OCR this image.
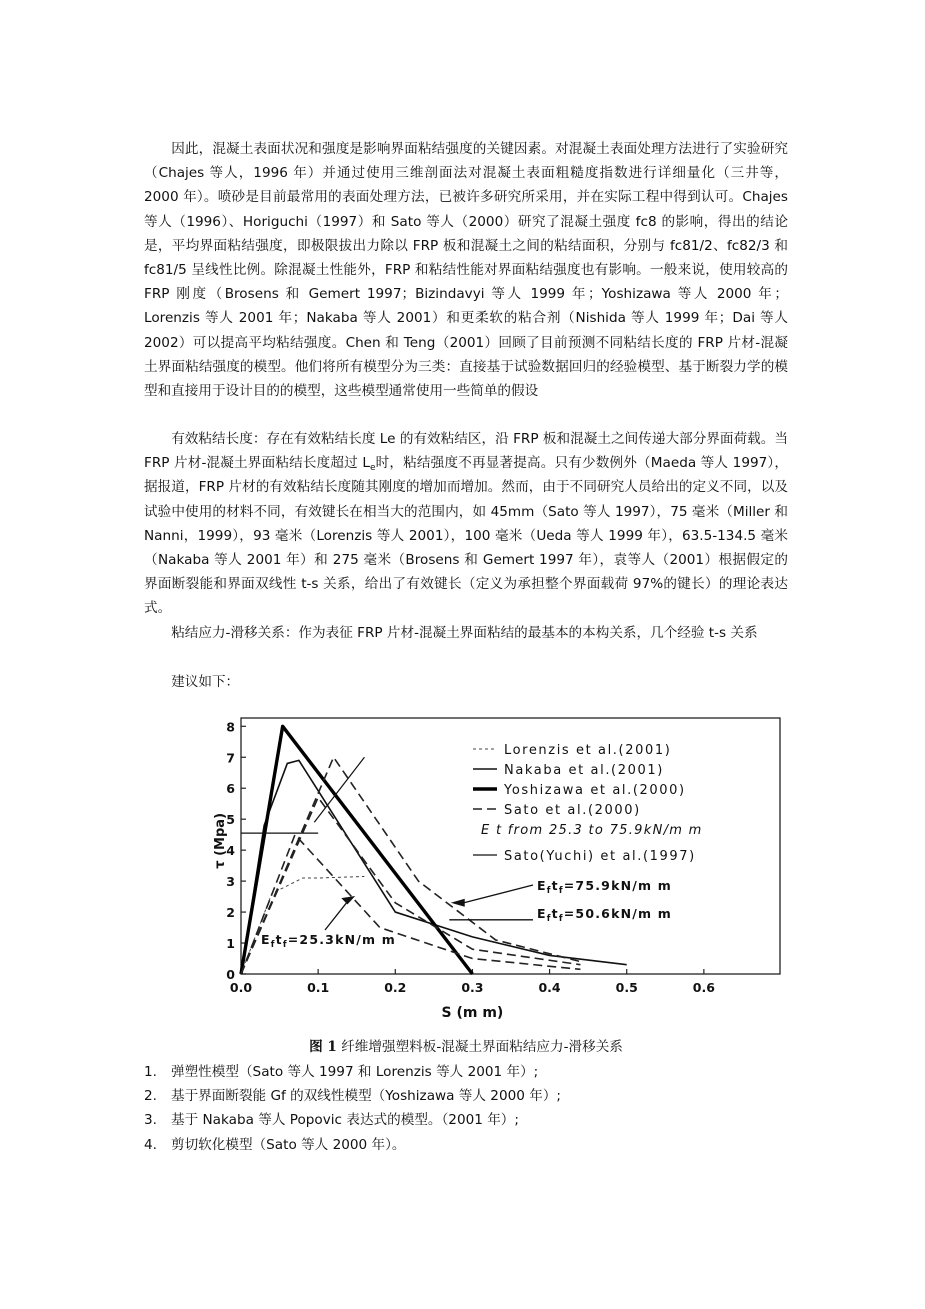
因此，混凝土表面状况和强度是影响界面粘结强度的关键因素。对混凝土表面处理方法进行了实验研究（Chajes 等人，1996 年）并通过使用三维剖面法对混凝土表面粗糙度指数进行详细量化（三井等， 2000 年）。喷砂是目前最常用的表面处理方法，已被许多研究所采用，并在实际工程中得到认可。Chajes 等人（1996）、Horiguchi（1997）和 Sato 等人（2000）研究了混凝土强度 fc8 的影响，得出的结论是，平均界面粘结强度，即极限拔出力除以 FRP 板和混凝土之间的粘结面积，分别与 fc81/2、fc82/3 和 fc81/5 呈线性比例。除混凝土性能外，FRP 和粘结性能对界面粘结强度也有影响。一般来说，使用较高的 FRP 刚度（Brosens 和 Gemert 1997；Bizindavyi 等人 1999 年；Yoshizawa 等人 2000 年；Lorenzis 等人 2001 年；Nakaba 等人 2001）和更柔软的粘合剂（Nishida 等人 1999 年；Dai 等人 2002）可以提高平均粘结强度。Chen 和 Teng（2001）回顾了目前预测不同粘结长度的 FRP 片材-混凝土界面粘结强度的模型。他们将所有模型分为三类：直接基于试验数据回归的经验模型、基于断裂力学的模型和直接用于设计目的的模型，这些模型通常使用一些简单的假设

有效粘结长度：存在有效粘结长度 Le 的有效粘结区，沿 FRP 板和混凝土之间传递大部分界面荷载。当 FRP 片材-混凝土界面粘结长度超过 $L_e$时，粘结强度不再显著提高。只有少数例外（Maeda 等人 1997），据报道，FRP 片材的有效粘结长度随其刚度的增加而增加。然而，由于不同研究人员给出的定义不同，以及试验中使用的材料不同，有效键长在相当大的范围内，如 45mm（Sato 等人 1997），75 毫米（Miller 和 Nanni，1999），93 毫米（Lorenzis 等人 2001），100 毫米（Ueda 等人 1999 年），63.5-134.5 毫米（Nakaba 等人 2001 年）和 275 毫米（Brosens 和 Gemert 1997 年），袁等人（2001）根据假定的界面断裂能和界面双线性 t-s 关系，给出了有效键长（定义为承担整个界面载荷 97%的键长）的理论表达式。

粘结应力-滑移关系：作为表征 FRP 片材-混凝土界面粘结的最基本的本构关系，几个经验 t-s 关系

建议如下：

0.0	0.1	0.2	0.3	0.4	0.5	0.6
0
1
2
3
4
5
6
7
8
S (m m)
τ (Mpa)
Lorenzis et al.(2001)
Nakaba et al.(2001)
Yoshizawa et al.(2000)
Sato et al.(2000)
Sato(Yuchi) et al.(1997)
E t from 25.3 to 75.9kN/m m
$E_ft_f=75.9kN/m$ m
$E_ft_f=50.6kN/m$ m
$E_ft_f=25.3kN/m$ m
图 1 纤维增强塑料板-混凝土界面粘结应力-滑移关系
1.	弹塑性模型（Sato 等人 1997 和 Lorenzis 等人 2001 年）;
2.	基于界面断裂能 Gf 的双线性模型（Yoshizawa 等人 2000 年）;
3.	基于 Nakaba 等人 Popovic 表达式的模型。（2001 年）;
4.	剪切软化模型（Sato 等人 2000 年）。
